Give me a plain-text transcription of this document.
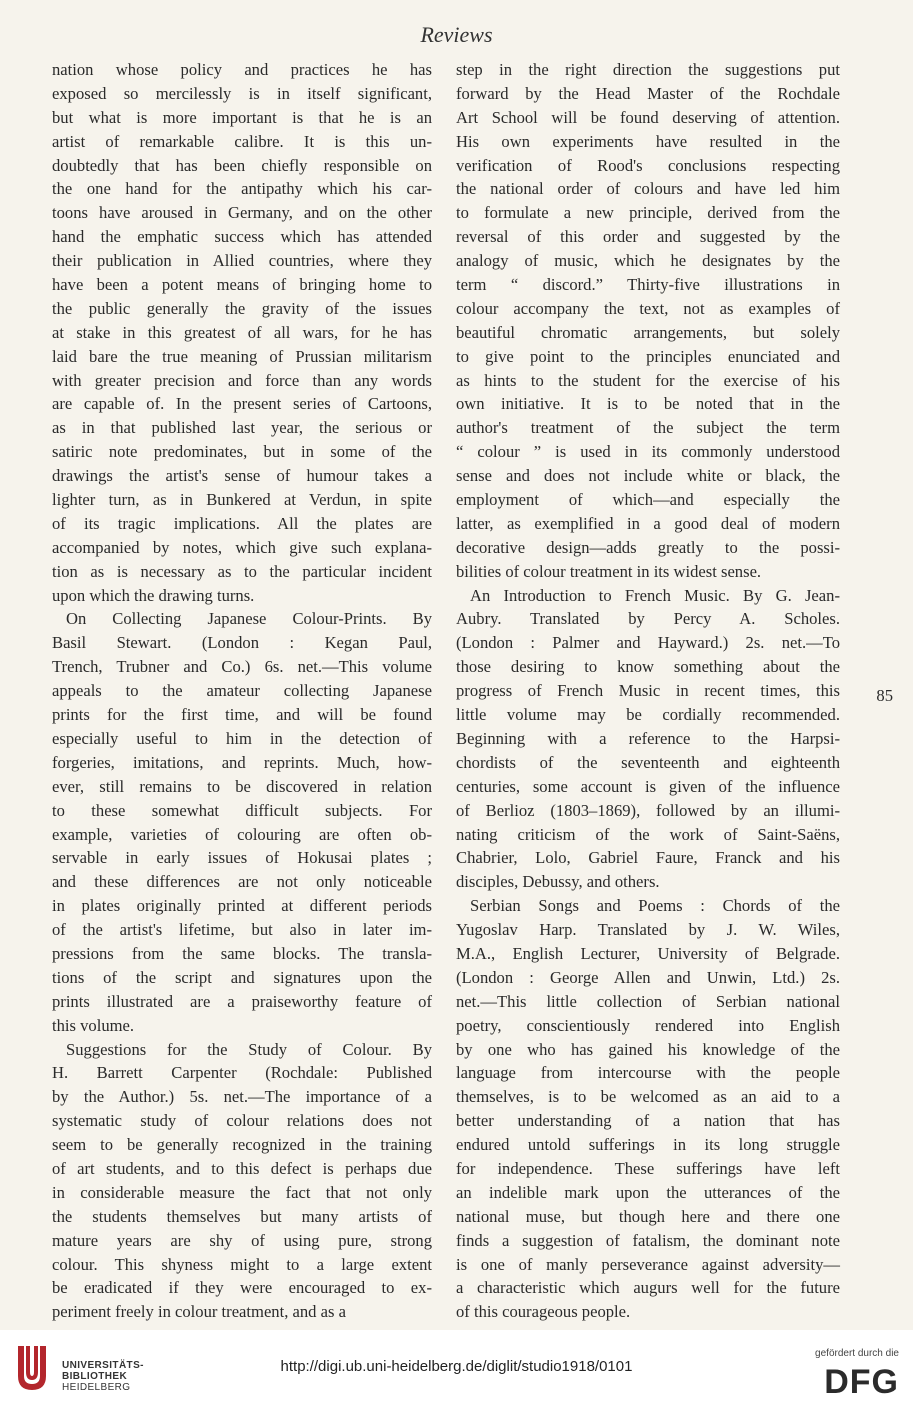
Reviews
nation whose policy and practices he has
exposed so mercilessly is in itself significant,
but what is more important is that he is an
artist of remarkable calibre. It is this un-
doubtedly that has been chiefly responsible on
the one hand for the antipathy which his car-
toons have aroused in Germany, and on the other
hand the emphatic success which has attended
their publication in Allied countries, where they
have been a potent means of bringing home to
the public generally the gravity of the issues
at stake in this greatest of all wars, for he has
laid bare the true meaning of Prussian militarism
with greater precision and force than any words
are capable of. In the present series of Cartoons,
as in that published last year, the serious or
satiric note predominates, but in some of the
drawings the artist's sense of humour takes a
lighter turn, as in Bunkered at Verdun, in spite
of its tragic implications. All the plates are
accompanied by notes, which give such explana-
tion as is necessary as to the particular incident
upon which the drawing turns.
On Collecting Japanese Colour-Prints. By
Basil Stewart. (London : Kegan Paul,
Trench, Trubner and Co.) 6s. net.—This volume
appeals to the amateur collecting Japanese
prints for the first time, and will be found
especially useful to him in the detection of
forgeries, imitations, and reprints. Much, how-
ever, still remains to be discovered in relation
to these somewhat difficult subjects. For
example, varieties of colouring are often ob-
servable in early issues of Hokusai plates ;
and these differences are not only noticeable
in plates originally printed at different periods
of the artist's lifetime, but also in later im-
pressions from the same blocks. The transla-
tions of the script and signatures upon the
prints illustrated are a praiseworthy feature of
this volume.
Suggestions for the Study of Colour. By
H. Barrett Carpenter (Rochdale: Published
by the Author.) 5s. net.—The importance of a
systematic study of colour relations does not
seem to be generally recognized in the training
of art students, and to this defect is perhaps due
in considerable measure the fact that not only
the students themselves but many artists of
mature years are shy of using pure, strong
colour. This shyness might to a large extent
be eradicated if they were encouraged to ex-
periment freely in colour treatment, and as a
step in the right direction the suggestions put
forward by the Head Master of the Rochdale
Art School will be found deserving of attention.
His own experiments have resulted in the
verification of Rood's conclusions respecting
the national order of colours and have led him
to formulate a new principle, derived from the
reversal of this order and suggested by the
analogy of music, which he designates by the
term “ discord.” Thirty-five illustrations in
colour accompany the text, not as examples of
beautiful chromatic arrangements, but solely
to give point to the principles enunciated and
as hints to the student for the exercise of his
own initiative. It is to be noted that in the
author's treatment of the subject the term
“ colour ” is used in its commonly understood
sense and does not include white or black, the
employment of which—and especially the
latter, as exemplified in a good deal of modern
decorative design—adds greatly to the possi-
bilities of colour treatment in its widest sense.
An Introduction to French Music. By G. Jean-
Aubry. Translated by Percy A. Scholes.
(London : Palmer and Hayward.) 2s. net.—To
those desiring to know something about the
progress of French Music in recent times, this
little volume may be cordially recommended.
Beginning with a reference to the Harpsi-
chordists of the seventeenth and eighteenth
centuries, some account is given of the influence
of Berlioz (1803–1869), followed by an illumi-
nating criticism of the work of Saint-Saëns,
Chabrier, Lolo, Gabriel Faure, Franck and his
disciples, Debussy, and others.
Serbian Songs and Poems : Chords of the
Yugoslav Harp. Translated by J. W. Wiles,
M.A., English Lecturer, University of Belgrade.
(London : George Allen and Unwin, Ltd.) 2s.
net.—This little collection of Serbian national
poetry, conscientiously rendered into English
by one who has gained his knowledge of the
language from intercourse with the people
themselves, is to be welcomed as an aid to a
better understanding of a nation that has
endured untold sufferings in its long struggle
for independence. These sufferings have left
an indelible mark upon the utterances of the
national muse, but though here and there one
finds a suggestion of fatalism, the dominant note
is one of manly perseverance against adversity—
a characteristic which augurs well for the future
of this courageous people.
85
UNIVERSITÄTS-
BIBLIOTHEK
HEIDELBERG
http://digi.ub.uni-heidelberg.de/diglit/studio1918/0101
gefördert durch die
DFG
